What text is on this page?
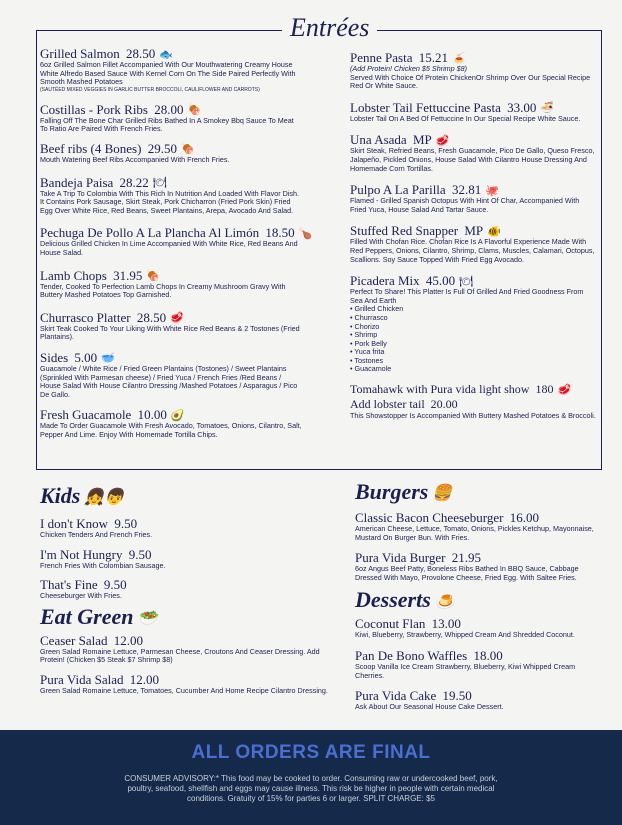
Entrées
Grilled Salmon 28.50 🐟
6oz Grilled Salmon Fillet Accompanied With Our Mouthwatering Creamy House White Alfredo Based Sauce With Kernel Corn On The Side Paired Perfectly With Smooth Mashed Potatoes
(SAUTÉED MIXED VEGGIES IN GARLIC BUTTER BROCCOLI, CAULIFLOWER AND CARROTS)
Costillas - Pork Ribs 28.00 🍖
Falling Off The Bone Char Grilled Ribs Bathed In A Smokey Bbq Sauce To Meat To Ratio Are Paired With French Fries.
Beef ribs (4 Bones) 29.50 🍖
Mouth Watering Beef Ribs Accompanied With French Fries.
Bandeja Paisa 28.22 🍽
Take A Trip To Colombia With This Rich In Nutrition And Loaded With Flavor Dish. It Contains Pork Sausage, Skirt Steak, Pork Chicharron (Fried Pork Skin) Fried Egg Over White Rice, Red Beans, Sweet Plantains, Arepa, Avocado And Salad.
Pechuga De Pollo A La Plancha Al Limón 18.50 🍗
Delicious Grilled Chicken In Lime Accompanied With White Rice, Red Beans And House Salad.
Lamb Chops 31.95 🍖
Tender, Cooked To Perfection Lamb Chops In Creamy Mushroom Gravy With Buttery Mashed Potatoes Top Garnished.
Churrasco Platter 28.50 🥩
Skirt Teak Cooked To Your Liking With White Rice Red Beans & 2 Tostones (Fried Plantains).
Sides 5.00 🥣
Guacamole / White Rice / Fried Green Plantains (Tostones) / Sweet Plantains (Sprinkled With Parmesan cheese) / Fried Yuca / French Fries /Red Beans / House Salad With House Cilantro Dressing /Mashed Potatoes / Asparagus / Pico De Gallo.
Fresh Guacamole 10.00 🥑
Made To Order Guacamole With Fresh Avocado, Tomatoes, Onions, Cilantro, Salt, Pepper And Lime. Enjoy With Homemade Tortilla Chips.
Penne Pasta 15.21 🍝
(Add Protein! Chicken $5 Shrimp $8)
Served With Choice Of Protein ChickenOr Shrimp Over Our Special Recipe Red Or White Sauce.
Lobster Tail Fettuccine Pasta 33.00 🍜
Lobster Tail On A Bed Of Fettuccine In Our Special Recipe White Sauce.
Una Asada MP 🥩
Skirt Steak, Refried Beans, Fresh Guacamole, Pico De Gallo, Queso Fresco, Jalapeño, Pickled Onions, House Salad With Cilantro House Dressing And Homemade Corn Tortillas.
Pulpo A La Parilla 32.81 🐙
Flamed - Grilled Spanish Octopus With Hint Of Char, Accompanied With Fried Yuca, House Salad And Tartar Sauce.
Stuffed Red Snapper MP 🐠
Filled With Chofan Rice. Chofan Rice Is A Flavorful Experience Made With Red Peppers, Onions, Cilantro, Shrimp, Clams, Muscles, Calamari, Octopus, Scallions. Soy Sauce Topped With Fried Egg Avocado.
Picadera Mix 45.00 🍽
Perfect To Share! This Platter Is Full Of Grilled And Fried Goodness From Sea And Earth
• Grilled Chicken
• Churrasco
• Chorizo
• Shrimp
• Pork Belly
• Yuca frita
• Tostones
• Guacamole
Tomahawk with Pura vida light show 180 🥩
Add lobster tail 20.00
This Showstopper Is Accompanied With Buttery Mashed Potatoes & Broccoli.
Kids 👧👦
I don't Know 9.50
Chicken Tenders And French Fries.
I'm Not Hungry 9.50
French Fries With Colombian Sausage.
That's Fine 9.50
Cheeseburger With Fries.
Eat Green 🥗
Ceaser Salad 12.00
Green Salad Romaine Lettuce, Parmesan Cheese, Croutons And Ceaser Dressing. Add Protein! (Chicken $5 Steak $7 Shrimp $8)
Pura Vida Salad 12.00
Green Salad Romaine Lettuce, Tomatoes, Cucumber And Home Recipe Cilantro Dressing.
Burgers 🍔
Classic Bacon Cheeseburger 16.00
American Cheese, Lettuce, Tomato, Onions, Pickles Ketchup, Mayonnaise, Mustard On Burger Bun. With Fries.
Pura Vida Burger 21.95
6oz Angus Beef Patty, Boneless Ribs Bathed In BBQ Sauce, Cabbage Dressed With Mayo, Provolone Cheese, Fried Egg. With Saltee Fries.
Desserts 🍮
Coconut Flan 13.00
Kiwi, Blueberry, Strawberry, Whipped Cream And Shredded Coconut.
Pan De Bono Waffles 18.00
Scoop Vanilla Ice Cream Strawberry, Blueberry, Kiwi Whipped Cream Cherries.
Pura Vida Cake 19.50
Ask About Our Seasonal House Cake Dessert.
ALL ORDERS ARE FINAL
CONSUMER ADVISORY:* This food may be cooked to order. Consuming raw or undercooked beef, pork, poultry, seafood, shellfish and eggs may cause illness. This risk be higher in people with certain medical conditions. Gratuity of 15% for parties 6 or larger. SPLIT CHARGE: $5
